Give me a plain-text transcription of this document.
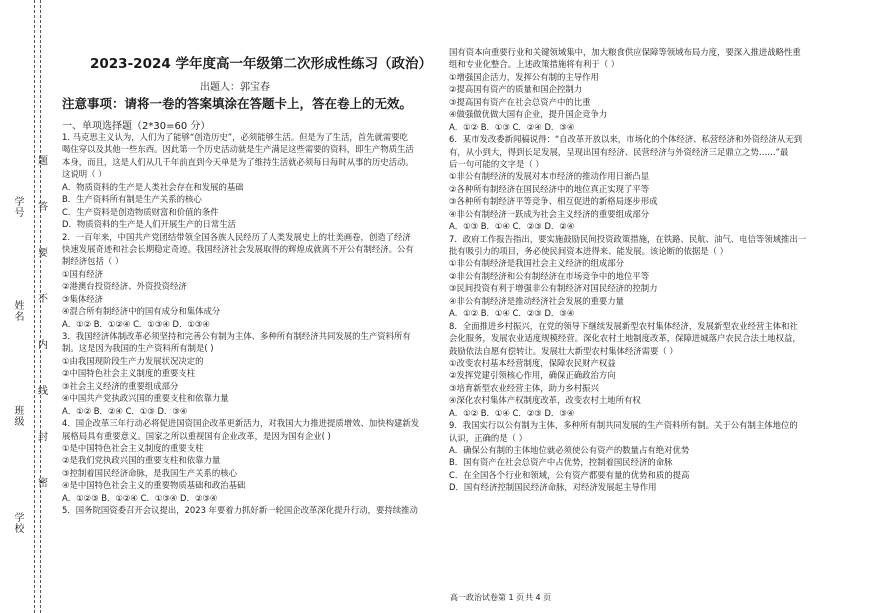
学号
姓名
班级
学校
题
答
要
不
内
线
封
密
2023-2024 学年度高一年级第二次形成性练习（政治）
出题人：郭宝春
注意事项：请将一卷的答案填涂在答题卡上，答在卷上的无效。
一、单项选择题（2*30=60 分）
1. 马克思主义认为，人们为了能够“创造历史”，必须能够生活。但是为了生活，首先就需要吃
喝住穿以及其他一些东西。因此第一个历史活动就是生产满足这些需要的资料，即生产物质生活
本身，而且，这是人们从几千年前直到今天单是为了维持生活就必须每日每时从事的历史活动。
这说明（ ）
A．物质资料的生产是人类社会存在和发展的基础
B．生产资料所有制是生产关系的核心
C．生产资料是创造物质财富和价值的条件
D．物质资料的生产是人们开展生产的日常生活
2．一百年来，中国共产党团结带领全国各族人民经历了人类发展史上的壮美画卷，创造了经济
快速发展奇迹和社会长期稳定奇迹。我国经济社会发展取得的辉煌成就离不开公有制经济。公有
制经济包括（ ）
①国有经济
②港澳台投资经济、外资投资经济
③集体经济
④混合所有制经济中的国有成分和集体成分
A．①② B．①②④ C．①③④ D．①③④
3．我国经济体制改革必须坚持和完善公有制为主体、多种所有制经济共同发展的生产资料所有
制。这是因为我国的生产资料所有制是( )
①由我国现阶段生产力发展状况决定的
②中国特色社会主义制度的重要支柱
③社会主义经济的重要组成部分
④中国共产党执政兴国的重要支柱和依靠力量
A．①② B．②④ C．①③ D．③④
4．国企改革三年行动必将促进国资国企改革更新活力，对我国大力推进提质增效、加快构建新发
展格局具有重要意义。国家之所以重视国有企业改革，是因为国有企业( )
①是中国特色社会主义制度的重要支柱
②是我们党执政兴国的重要支柱和依靠力量
③控制着国民经济命脉，是我国生产关系的核心
④是中国特色社会主义的重要物质基础和政治基础
A．①②③ B．①②④ C．①③④ D．②③④
5．国务院国资委召开会议提出，2023 年要着力抓好新一轮国企改革深化提升行动，要持续推动
国有资本向重要行业和关键领域集中，加大粮食供应保障等领域布局力度，要深入推进战略性重
组和专业化整合。上述政策措施将有利于（ ）
①增强国企活力，发挥公有制的主导作用
②提高国有资产的质量和国企控制力
③提高国有资产在社会总资产中的比重
④做强做优做大国有企业，提升国企竞争力
A．①② B．①③ C．②④ D．③④
6．某市发改委新闻稿说得：“自改革开放以来，市场化的个体经济、私营经济和外资经济从无到
有，从小到大，得到长足发展，呈现出国有经济、民营经济与外资经济三足鼎立之势……”最
后一句可能的文字是（ ）
①非公有制经济的发展对本市经济的推动作用日渐凸显
②各种所有制经济在国民经济中的地位真正实现了平等
③各种所有制经济平等竞争、相互促进的新格局逐步形成
④非公有制经济一跃成为社会主义经济的重要组成部分
A．①③ B．①④ C．②③ D．②④
7．政府工作报告指出，要实施鼓励民间投资政策措施，在铁路、民航、油气、电信等领域推出一
批有吸引力的项目，务必使民间资本进得来、能发展。该论断的依据是（ ）
①非公有制经济是我国社会主义经济的组成部分
②非公有制经济和公有制经济在市场竞争中的地位平等
③民间投资有利于增强非公有制经济对国民经济的控制力
④非公有制经济是推动经济社会发展的重要力量
A．①② B．①④ C．②③ D．③④
8．全面推进乡村振兴，在党的领导下继续发展新型农村集体经济，发展新型农业经营主体和社
会化服务，发展农业适度规模经营。深化农村土地制度改革，保障进城落户农民合法土地权益，
鼓励依法自愿有偿转让。发展壮大新型农村集体经济需要（ ）
①改变农村基本经营制度，保障农民财产权益
②发挥党建引领核心作用，确保正确政治方向
③培育新型农业经营主体，助力乡村振兴
④深化农村集体产权制度改革，改变农村土地所有权
A．①② B．①④ C．②③ D．③④
9．我国实行以公有制为主体，多种所有制共同发展的生产资料所有制。关于公有制主体地位的
认识，正确的是（ ）
A．确保公有制的主体地位就必须使公有资产的数量占有绝对优势
B．国有资产在社会总资产中占优势，控制着国民经济的命脉
C．在全国各个行业和领域，公有资产都要有量的优势和质的提高
D．国有经济控制国民经济命脉，对经济发展起主导作用
高一政治试卷第 1 页 共 4 页
